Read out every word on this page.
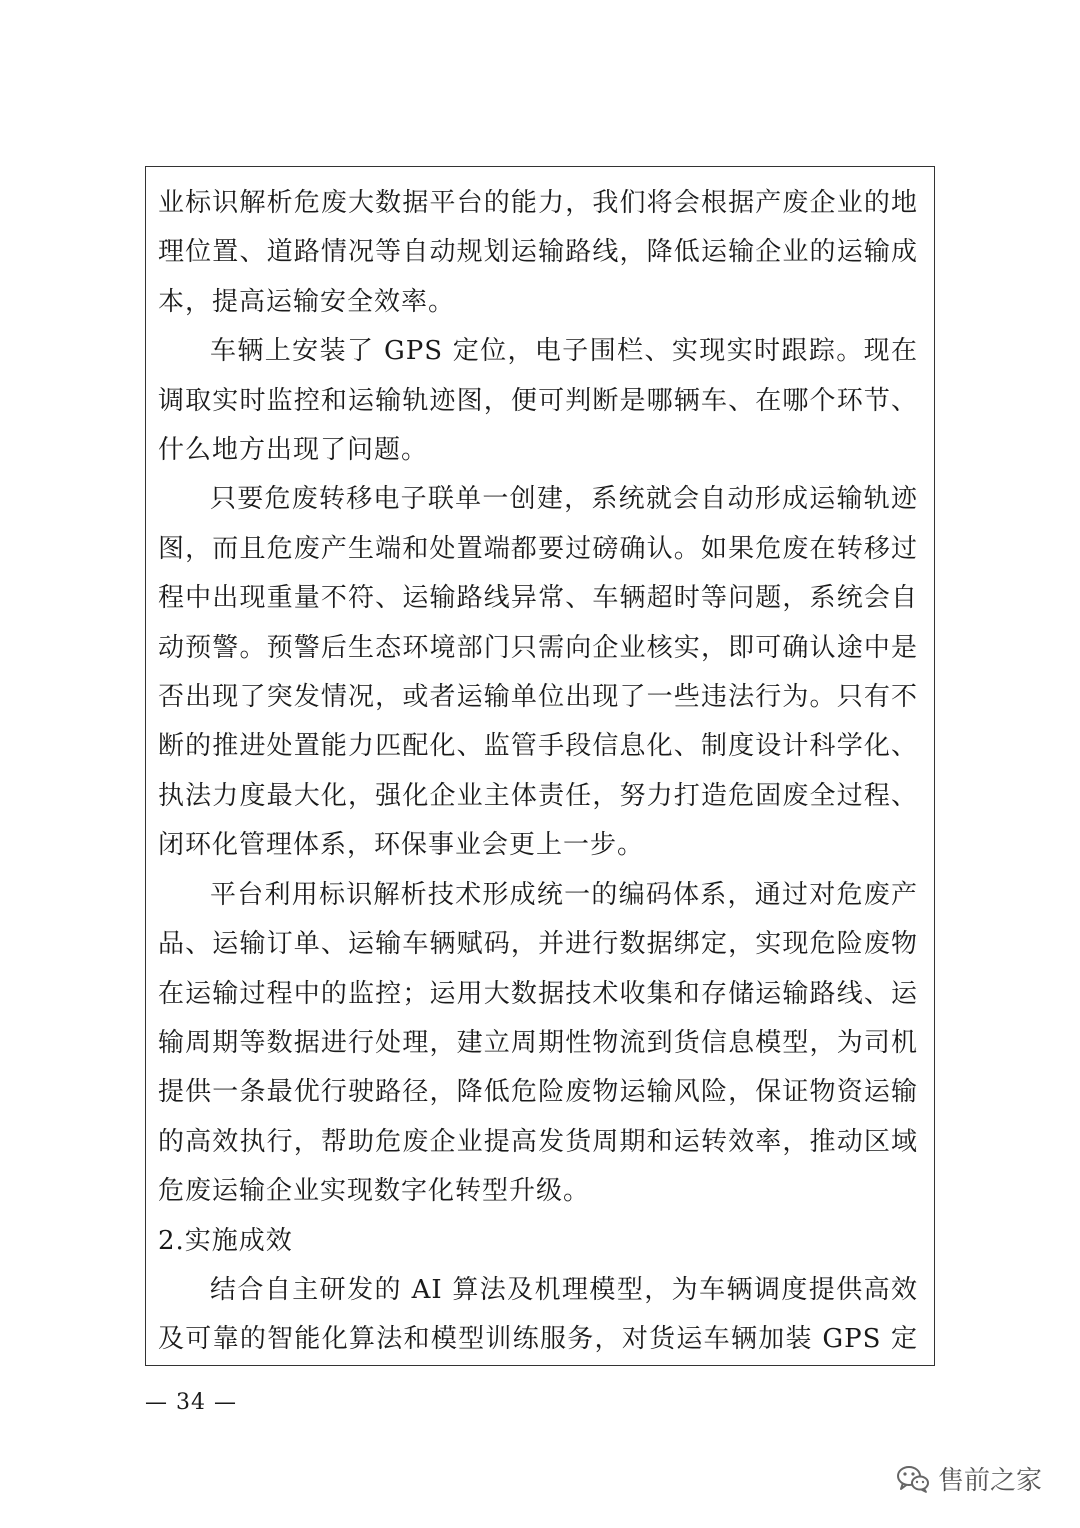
业标识解析危废大数据平台的能力，我们将会根据产废企业的地理位置、道路情况等自动规划运输路线，降低运输企业的运输成本，提高运输安全效率。

车辆上安装了 GPS 定位，电子围栏、实现实时跟踪。现在调取实时监控和运输轨迹图，便可判断是哪辆车、在哪个环节、什么地方出现了问题。

只要危废转移电子联单一创建，系统就会自动形成运输轨迹图，而且危废产生端和处置端都要过磅确认。如果危废在转移过程中出现重量不符、运输路线异常、车辆超时等问题，系统会自动预警。预警后生态环境部门只需向企业核实，即可确认途中是否出现了突发情况，或者运输单位出现了一些违法行为。只有不断的推进处置能力匹配化、监管手段信息化、制度设计科学化、执法力度最大化，强化企业主体责任，努力打造危固废全过程、闭环化管理体系，环保事业会更上一步。

平台利用标识解析技术形成统一的编码体系，通过对危废产品、运输订单、运输车辆赋码，并进行数据绑定，实现危险废物在运输过程中的监控；运用大数据技术收集和存储运输路线、运输周期等数据进行处理，建立周期性物流到货信息模型，为司机提供一条最优行驶路径，降低危险废物运输风险，保证物资运输的高效执行，帮助危废企业提高发货周期和运转效率，推动区域危废运输企业实现数字化转型升级。

2.实施成效

结合自主研发的 AI 算法及机理模型，为车辆调度提供高效及可靠的智能化算法和模型训练服务，对货运车辆加装 GPS 定

— 34 —
售前之家
